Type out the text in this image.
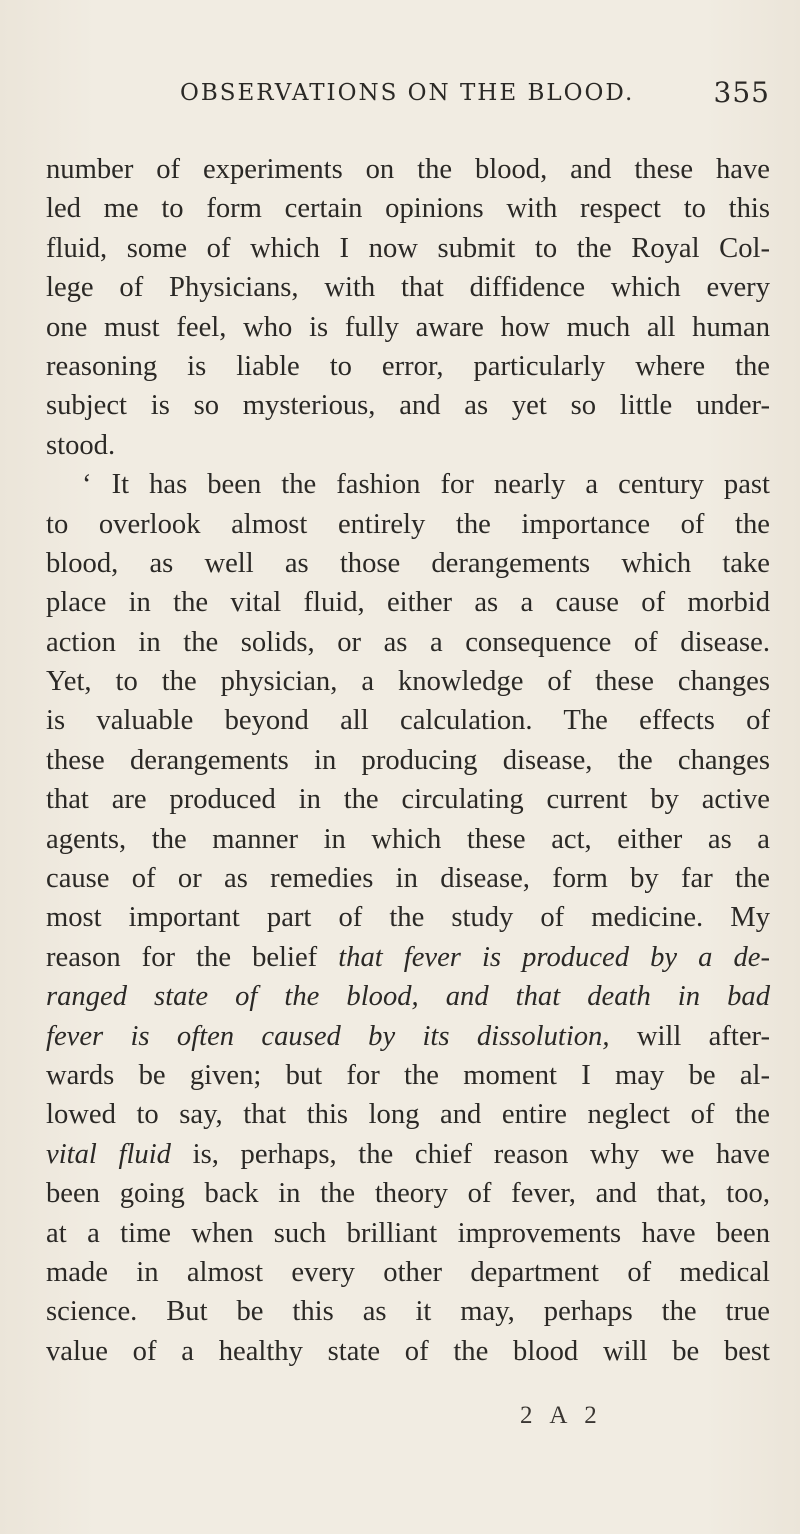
OBSERVATIONS ON THE BLOOD.	355
number of experiments on the blood, and these have
led me to form certain opinions with respect to this
fluid, some of which I now submit to the Royal Col-
lege of Physicians, with that diffidence which every
one must feel, who is fully aware how much all human
reasoning is liable to error, particularly where the
subject is so mysterious, and as yet so little under-
stood.
‘ It has been the fashion for nearly a century past
to overlook almost entirely the importance of the
blood, as well as those derangements which take
place in the vital fluid, either as a cause of morbid
action in the solids, or as a consequence of disease.
Yet, to the physician, a knowledge of these changes
is valuable beyond all calculation. The effects of
these derangements in producing disease, the changes
that are produced in the circulating current by active
agents, the manner in which these act, either as a
cause of or as remedies in disease, form by far the
most important part of the study of medicine. My
reason for the belief that fever is produced by a de-
ranged state of the blood, and that death in bad
fever is often caused by its dissolution, will after-
wards be given; but for the moment I may be al-
lowed to say, that this long and entire neglect of the
vital fluid is, perhaps, the chief reason why we have
been going back in the theory of fever, and that, too,
at a time when such brilliant improvements have been
made in almost every other department of medical
science. But be this as it may, perhaps the true
value of a healthy state of the blood will be best
2 A 2
